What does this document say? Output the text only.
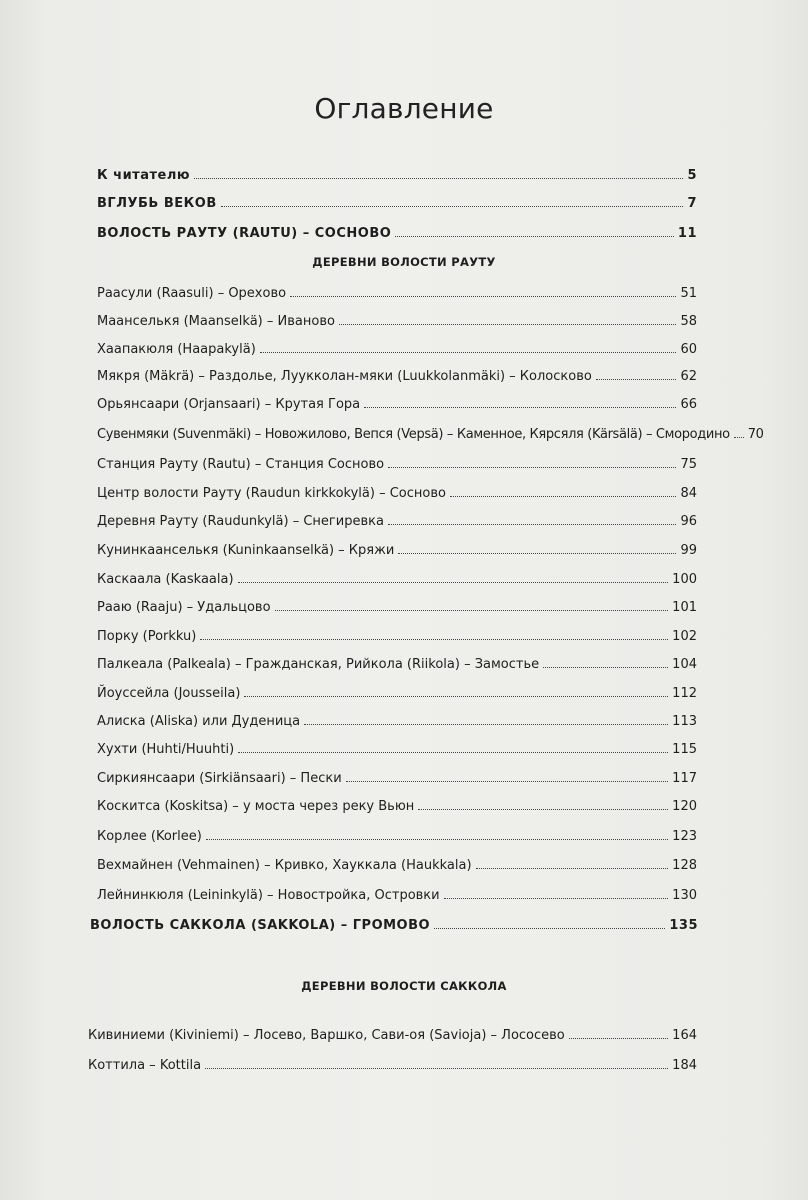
Оглавление
К читателю	5
ВГЛУБЬ ВЕКОВ	7
ВОЛОСТЬ РАУТУ (RAUTU) – СОСНОВО	11
ДЕРЕВНИ ВОЛОСТИ РАУТУ
Раасули (Raasuli) – Орехово	51
Маанселькя (Maanselkä) – Иваново	58
Хаапакюля (Haapakylä)	60
Мякря (Mäkrä) – Раздолье, Луукколан-мяки (Luukkolanmäki) – Колосково	62
Орьянсаари (Orjansaari) – Крутая Гора	66
Сувенмяки (Suvenmäki) – Новожилово, Вепся (Vepsä) – Каменное, Кярсяля (Kärsälä) – Смородино	70
Станция Рауту (Rautu) – Станция Сосново	75
Центр волости Рауту (Raudun kirkkokylä) – Сосново	84
Деревня Рауту (Raudunkylä) – Снегиревка	96
Кунинкаанселькя (Kuninkaanselkä) – Кряжи	99
Каскаала (Kaskaala)	100
Рааю (Raaju) – Удальцово	101
Порку (Porkku)	102
Палкеала (Palkeala) – Гражданская, Рийкола (Riikola) – Замостье	104
Йоуссейла (Jousseila)	112
Алиска (Aliska) или Дуденица	113
Хухти (Huhti/Huuhti)	115
Сиркиянсаари (Sirkiänsaari) – Пески	117
Коскитса (Koskitsa) – у моста через реку Вьюн	120
Корлее (Korlee)	123
Вехмайнен (Vehmainen) – Кривко, Хауккала (Haukkala)	128
Лейнинкюля (Leininkylä) – Новостройка, Островки	130
ВОЛОСТЬ САККОЛА (SAKKOLA) – ГРОМОВО	135
ДЕРЕВНИ ВОЛОСТИ САККОЛА
Кивиниеми (Kiviniemi) – Лосево, Варшко, Сави-оя (Savioja) – Лососево	164
Коттила – Kottila	184
